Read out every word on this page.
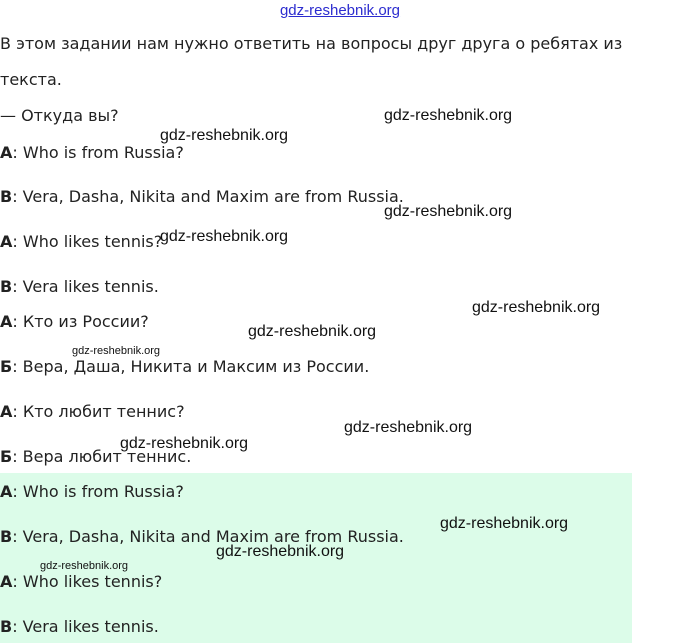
gdz-reshebnik.org
В этом задании нам нужно ответить на вопросы друг друга о ребятах из
текста.
— Откуда вы?
A: Who is from Russia?
B: Vera, Dasha, Nikita and Maxim are from Russia.
A: Who likes tennis?
B: Vera likes tennis.
А: Кто из России?
Б: Вера, Даша, Никита и Максим из России.
А: Кто любит теннис?
Б: Вера любит теннис.
A: Who is from Russia?
B: Vera, Dasha, Nikita and Maxim are from Russia.
A: Who likes tennis?
B: Vera likes tennis.
gdz-reshebnik.org
gdz-reshebnik.org
gdz-reshebnik.org
gdz-reshebnik.org
gdz-reshebnik.org
gdz-reshebnik.org
gdz-reshebnik.org
gdz-reshebnik.org
gdz-reshebnik.org
gdz-reshebnik.org
gdz-reshebnik.org
gdz-reshebnik.org
